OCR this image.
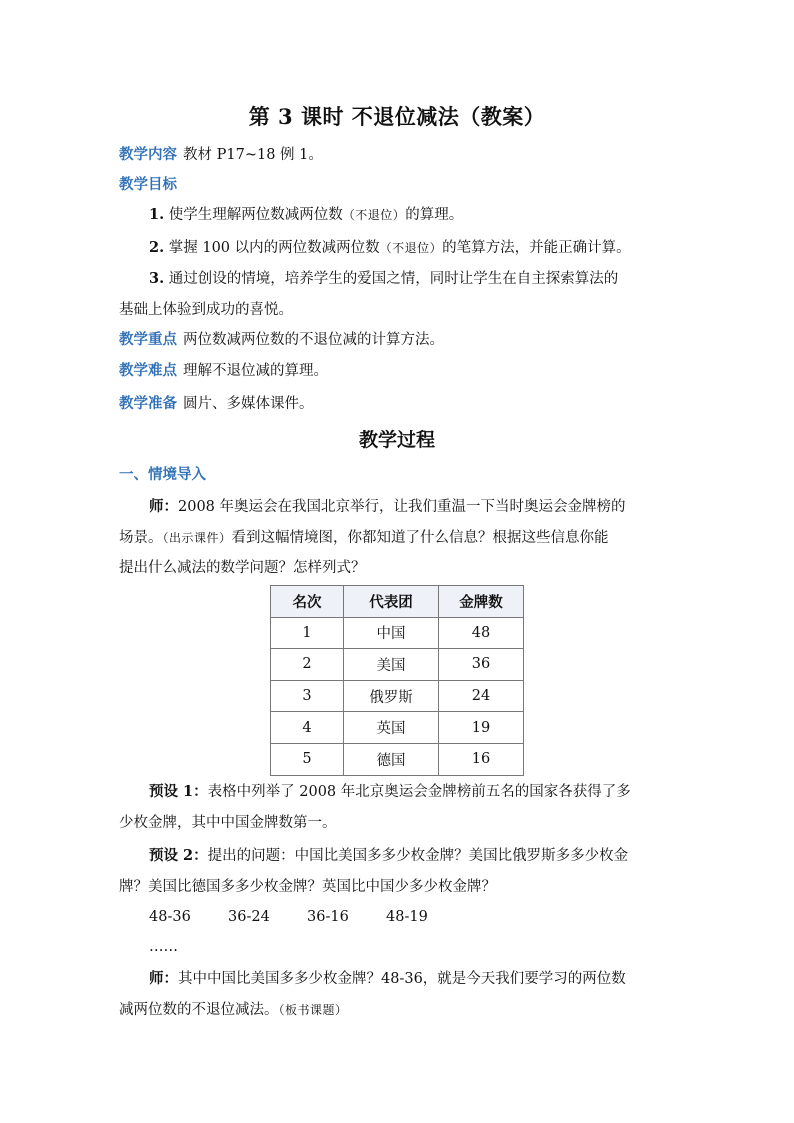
第 3 课时 不退位减法（教案）
教学内容 教材 P17~18 例 1。
教学目标
1. 使学生理解两位数减两位数（不退位）的算理。
2. 掌握 100 以内的两位数减两位数（不退位）的笔算方法，并能正确计算。
3. 通过创设的情境，培养学生的爱国之情，同时让学生在自主探索算法的
基础上体验到成功的喜悦。
教学重点 两位数减两位数的不退位减的计算方法。
教学难点 理解不退位减的算理。
教学准备 圆片、多媒体课件。
教学过程
一、情境导入
师：2008 年奥运会在我国北京举行，让我们重温一下当时奥运会金牌榜的
场景。（出示课件）看到这幅情境图，你都知道了什么信息？根据这些信息你能
提出什么减法的数学问题？怎样列式？
名次	代表团	金牌数
1	中国	48
2	美国	36
3	俄罗斯	24
4	英国	19
5	德国	16
预设 1：表格中列举了 2008 年北京奥运会金牌榜前五名的国家各获得了多
少枚金牌，其中中国金牌数第一。
预设 2：提出的问题：中国比美国多多少枚金牌？美国比俄罗斯多多少枚金
牌？美国比德国多多少枚金牌？英国比中国少多少枚金牌？
48-36	36-24	36-16	48-19
……
师：其中中国比美国多多少枚金牌？48-36，就是今天我们要学习的两位数
减两位数的不退位减法。（板书课题）
